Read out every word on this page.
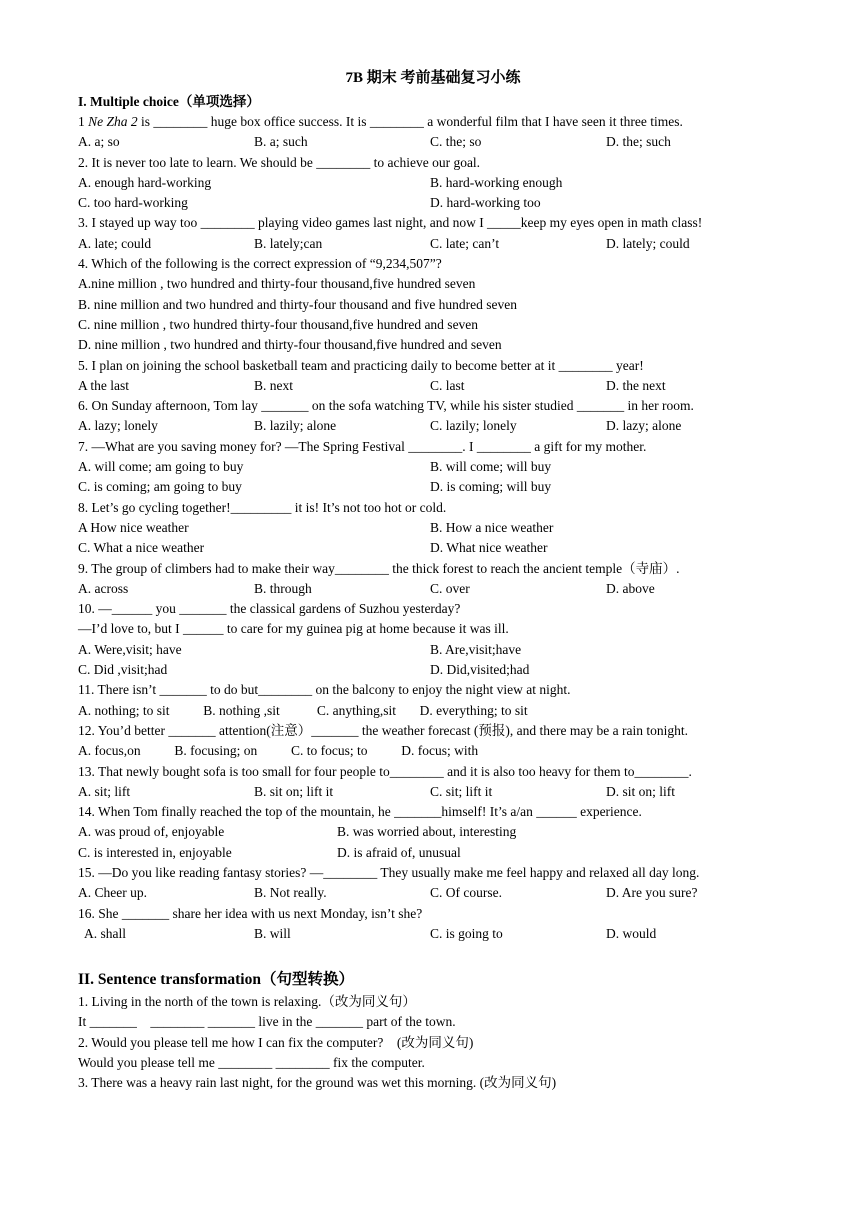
7B 期末 考前基础复习小练
I. Multiple choice（单项选择）
1 Ne Zha 2 is ________ huge box office success. It is ________ a wonderful film that I have seen it three times.
A. a; so	B. a; such	C. the; so	D. the; such
2. It is never too late to learn. We should be ________ to achieve our goal.
A. enough hard-working	B. hard-working enough
C. too hard-working	D. hard-working too
3. I stayed up way too ________ playing video games last night, and now I _____keep my eyes open in math class!
A. late; could	B. lately;can	C. late; can’t	D. lately; could
4. Which of the following is the correct expression of “9,234,507”?
A.nine million , two hundred and thirty-four thousand,five hundred seven
B. nine million and two hundred and thirty-four thousand and five hundred seven
C. nine million , two hundred thirty-four thousand,five hundred and seven
D. nine million , two hundred and thirty-four thousand,five hundred and seven
5. I plan on joining the school basketball team and practicing daily to become better at it ________ year!
A the last	B. next	C. last	D. the next
6. On Sunday afternoon, Tom lay _______ on the sofa watching TV, while his sister studied _______ in her room.
A. lazy; lonely	B. lazily; alone	C. lazily; lonely	D. lazy; alone
7. —What are you saving money for? —The Spring Festival ________. I ________ a gift for my mother.
A. will come; am going to buy	B. will come; will buy
C. is coming; am going to buy	D. is coming; will buy
8. Let’s go cycling together!_________ it is! It’s not too hot or cold.
A How nice weather	B. How a nice weather
C. What a nice weather	D. What nice weather
9. The group of climbers had to make their way________ the thick forest to reach the ancient temple（寺庙）.
A. across	B. through	C. over	D. above
10. —______ you _______ the classical gardens of Suzhou yesterday?
—I’d love to, but I ______ to care for my guinea pig at home because it was ill.
A. Were,visit; have	B. Are,visit;have
C. Did ,visit;had	D. Did,visited;had
11. There isn’t _______ to do but________ on the balcony to enjoy the night view at night.
A. nothing; to sit          B. nothing ,sit           C. anything,sit       D. everything; to sit
12. You’d better _______ attention(注意）_______ the weather forecast (预报), and there may be a rain tonight.
A. focus,on          B. focusing; on          C. to focus; to          D. focus; with
13. That newly bought sofa is too small for four people to________ and it is also too heavy for them to________.
A. sit; lift	B. sit on; lift it	C. sit; lift it	D. sit on; lift
14. When Tom finally reached the top of the mountain, he _______himself! It’s a/an ______ experience.
A. was proud of, enjoyable	B. was worried about, interesting
C. is interested in, enjoyable	D. is afraid of, unusual
15. —Do you like reading fantasy stories? —________ They usually make me feel happy and relaxed all day long.
A. Cheer up.	B. Not really.	C. Of course.	D. Are you sure?
16. She _______ share her idea with us next Monday, isn’t she?
A. shall	B. will	C. is going to	D. would
II. Sentence transformation（句型转换）
1. Living in the north of the town is relaxing.（改为同义句）
It _______    ________ _______ live in the _______ part of the town.
2. Would you please tell me how I can fix the computer?    (改为同义句)
Would you please tell me ________ ________ fix the computer.
3. There was a heavy rain last night, for the ground was wet this morning. (改为同义句)
